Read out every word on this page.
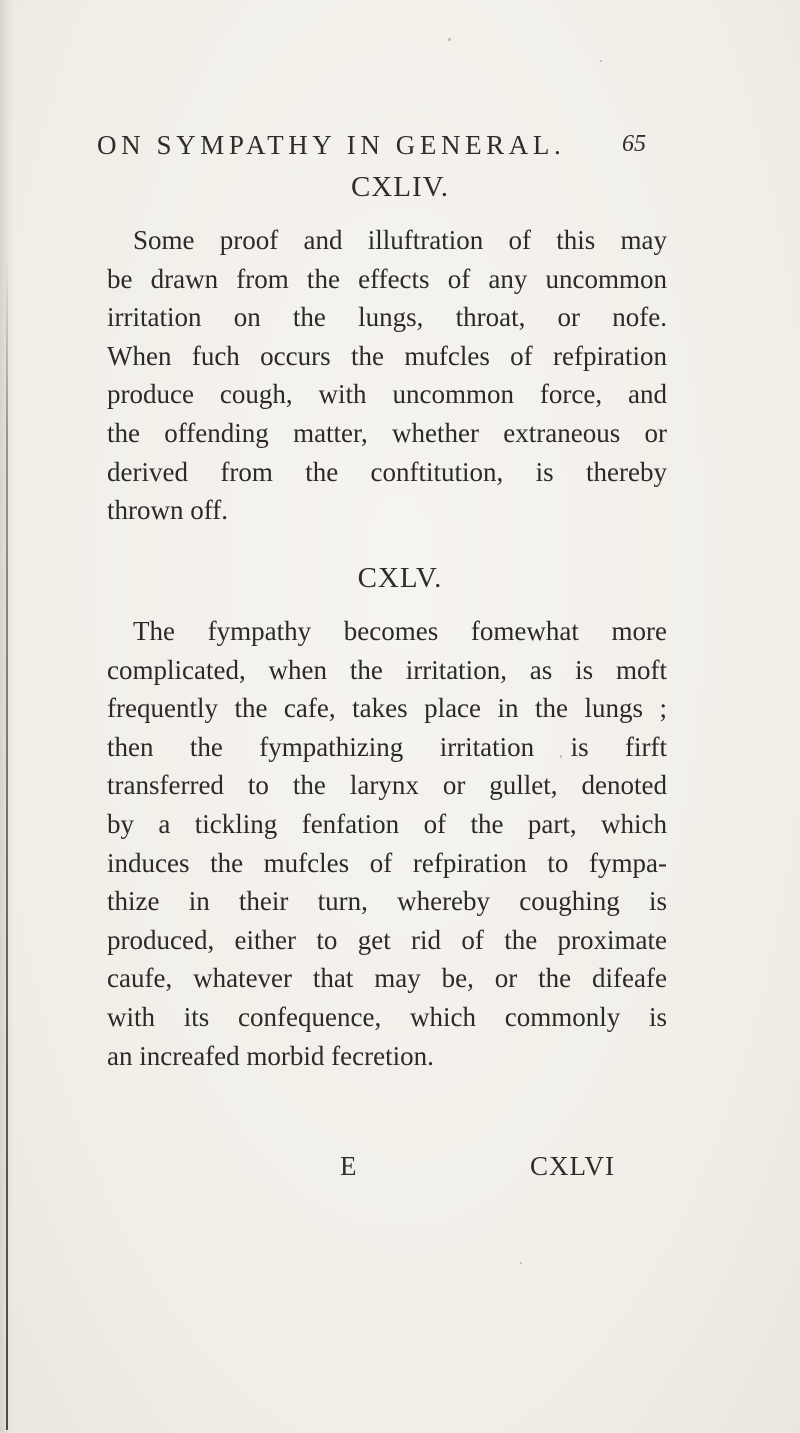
ON SYMPATHY IN GENERAL. 65
CXLIV.
Some proof and illuftration of this may
be drawn from the effects of any uncommon
irritation on the lungs, throat, or nofe.
When fuch occurs the mufcles of refpiration
produce cough, with uncommon force, and
the offending matter, whether extraneous or
derived from the conftitution, is thereby
thrown off.
CXLV.
The fympathy becomes fomewhat more
complicated, when the irritation, as is moft
frequently the cafe, takes place in the lungs ;
then the fympathizing irritation is firft
transferred to the larynx or gullet, denoted
by a tickling fenfation of the part, which
induces the mufcles of refpiration to fympa-
thize in their turn, whereby coughing is
produced, either to get rid of the proximate
caufe, whatever that may be, or the difeafe
with its confequence, which commonly is
an increafed morbid fecretion.
E	CXLVI
